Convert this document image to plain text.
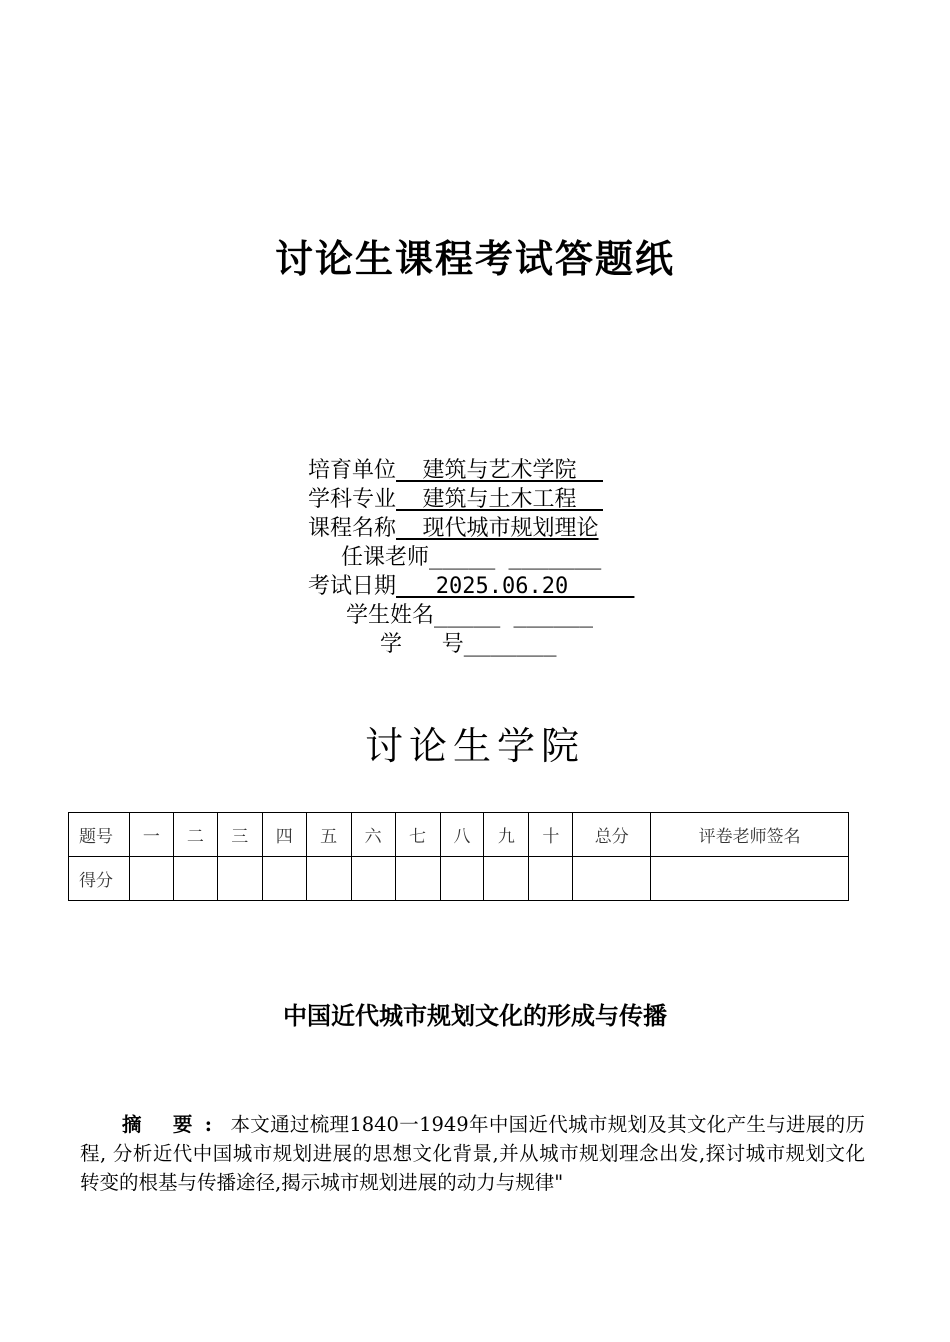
讨论生课程考试答题纸
培育单位  建筑与艺术学院
学科专业  建筑与土木工程
课程名称  现代城市规划理论
任课老师_____ _______
考试日期   2025.06.20
学生姓名_____ ______
学   号_______
讨论生学院
题号	一	二	三	四	五	六	七	八	九	十	总分	评卷老师签名
得分												
中国近代城市规划文化的形成与传播
摘 要: 本文通过梳理1840一1949年中国近代城市规划及其文化产生与进展的历程, 分析近代中国城市规划进展的思想文化背景,并从城市规划理念出发,探讨城市规划文化转变的根基与传播途径,揭示城市规划进展的动力与规律"
